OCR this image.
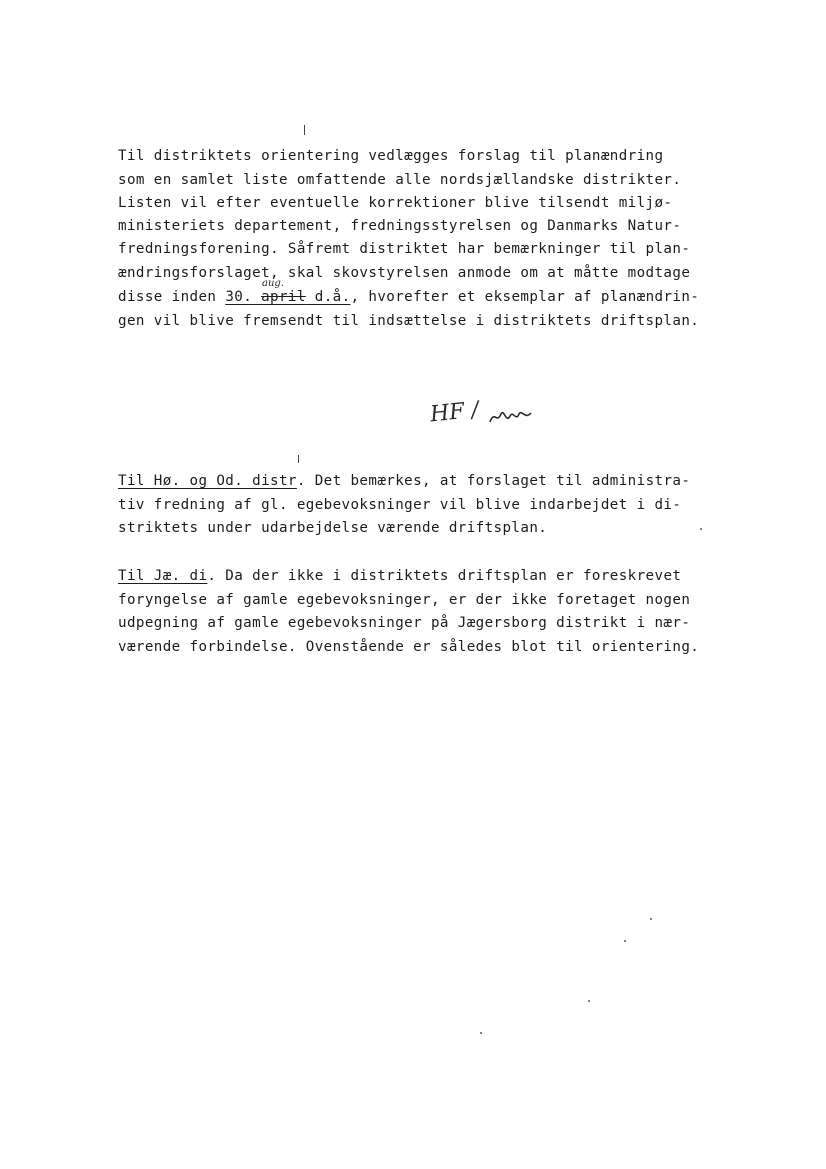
Til distriktets orientering vedlægges forslag til planændring
som en samlet liste omfattende alle nordsjællandske distrikter.
Listen vil efter eventuelle korrektioner blive tilsendt miljø-
ministeriets departement, fredningsstyrelsen og Danmarks Natur-
fredningsforening. Såfremt distriktet har bemærkninger til plan-
ændringsforslaget, skal skovstyrelsen anmode om at måtte modtage
aug.
disse inden 30. april d.å., hvorefter et eksemplar af planændrin-
gen vil blive fremsendt til indsættelse i distriktets driftsplan.
HF /
Til Hø. og Od. distr. Det bemærkes, at forslaget til administra-
tiv fredning af gl. egebevoksninger vil blive indarbejdet i di-
striktets under udarbejdelse værende driftsplan.
Til Jæ. di. Da der ikke i distriktets driftsplan er foreskrevet
foryngelse af gamle egebevoksninger, er der ikke foretaget nogen
udpegning af gamle egebevoksninger på Jægersborg distrikt i nær-
værende forbindelse. Ovenstående er således blot til orientering.
